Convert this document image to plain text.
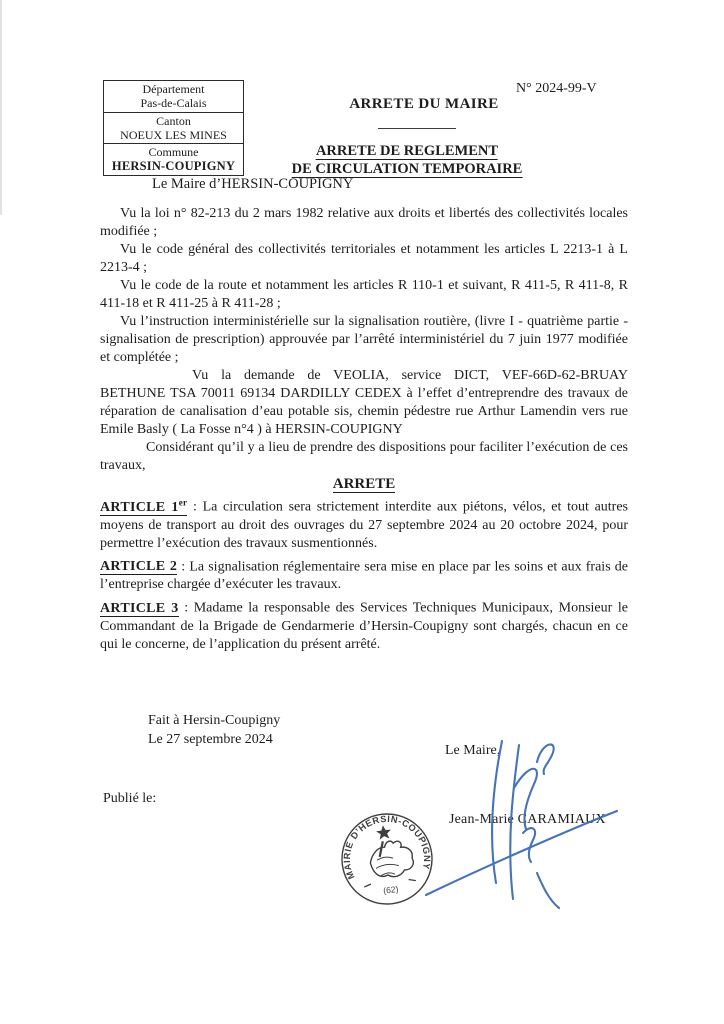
Département
Pas-de-Calais
Canton
NOEUX LES MINES
Commune
HERSIN-COUPIGNY
N° 2024-99-V
ARRETE DU MAIRE
ARRETE DE REGLEMENT
DE CIRCULATION TEMPORAIRE
Le Maire d’HERSIN-COUPIGNY

Vu la loi n° 82-213 du 2 mars 1982 relative aux droits et libertés des collectivités locales modifiée ;

Vu le code général des collectivités territoriales et notamment les articles L 2213-1 à L 2213-4 ;

Vu le code de la route et notamment les articles R 110-1 et suivant, R 411-5, R 411-8, R 411-18 et R 411-25 à R 411-28 ;

Vu l’instruction interministérielle sur la signalisation routière, (livre I - quatrième partie - signalisation de prescription) approuvée par l’arrêté interministériel du 7 juin 1977 modifiée et complétée ;

Vu la demande de VEOLIA, service DICT, VEF-66D-62-BRUAY BETHUNE TSA 70011 69134 DARDILLY CEDEX à l’effet d’entreprendre des travaux de réparation de canalisation d’eau potable sis, chemin pédestre rue Arthur Lamendin vers rue Emile Basly ( La Fosse n°4 ) à HERSIN-COUPIGNY

Considérant qu’il y a lieu de prendre des dispositions pour faciliter l’exécution de ces travaux,

ARRETE

ARTICLE 1er : La circulation sera strictement interdite aux piétons, vélos, et tout autres moyens de transport au droit des ouvrages du 27 septembre 2024 au 20 octobre 2024, pour permettre l’exécution des travaux susmentionnés.

ARTICLE 2 : La signalisation réglementaire sera mise en place par les soins et aux frais de l’entreprise chargée d’exécuter les travaux.

ARTICLE 3 : Madame la responsable des Services Techniques Municipaux, Monsieur le Commandant de la Brigade de Gendarmerie d’Hersin-Coupigny sont chargés, chacun en ce qui le concerne, de l’application du présent arrêté.

Fait à Hersin-Coupigny
Le 27 septembre 2024
Le Maire,
Publié le:
Jean-Marie CARAMIAUX
MAIRIE D’HERSIN-COUPIGNY
(62)
